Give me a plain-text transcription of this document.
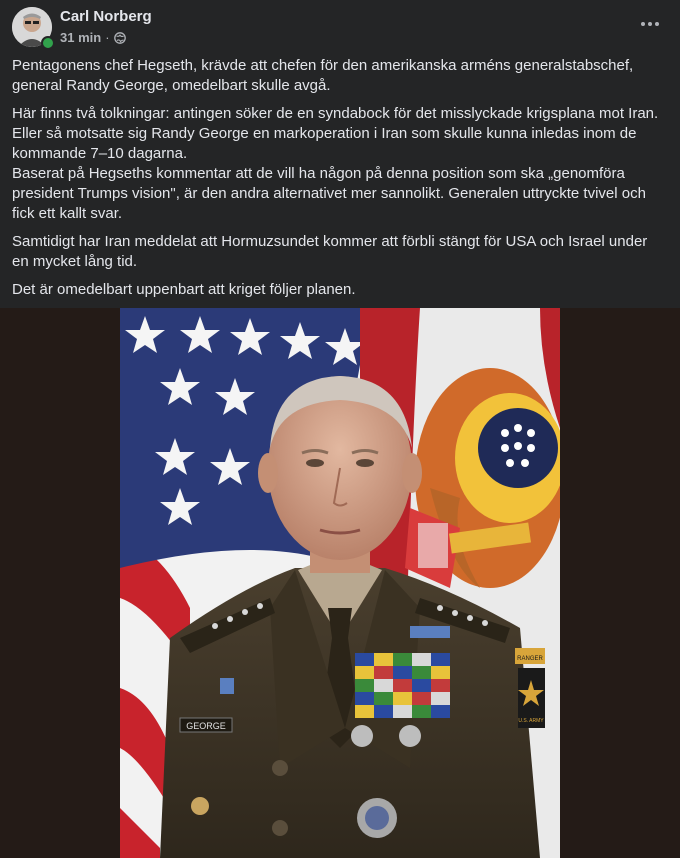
Carl Norberg
31 min ·

Pentagonens chef Hegseth, krävde att chefen för den amerikanska arméns generalstabschef, general Randy George, omedelbart skulle avgå.

Här finns två tolkningar: antingen söker de en syndabock för det misslyckade krigsplana mot Iran.
Eller så motsatte sig Randy George en markoperation i Iran som skulle kunna inledas inom de kommande 7–10 dagarna.
Baserat på Hegseths kommentar att de vill ha någon på denna position som ska „genomföra president Trumps vision", är den andra alternativet mer sannolikt. Generalen uttryckte tvivel och fick ett kallt svar.

Samtidigt har Iran meddelat att Hormuzsundet kommer att förbli stängt för USA och Israel under en mycket lång tid.

Det är omedelbart uppenbart att kriget följer planen.

GEORGE
RANGER
U.S. ARMY
